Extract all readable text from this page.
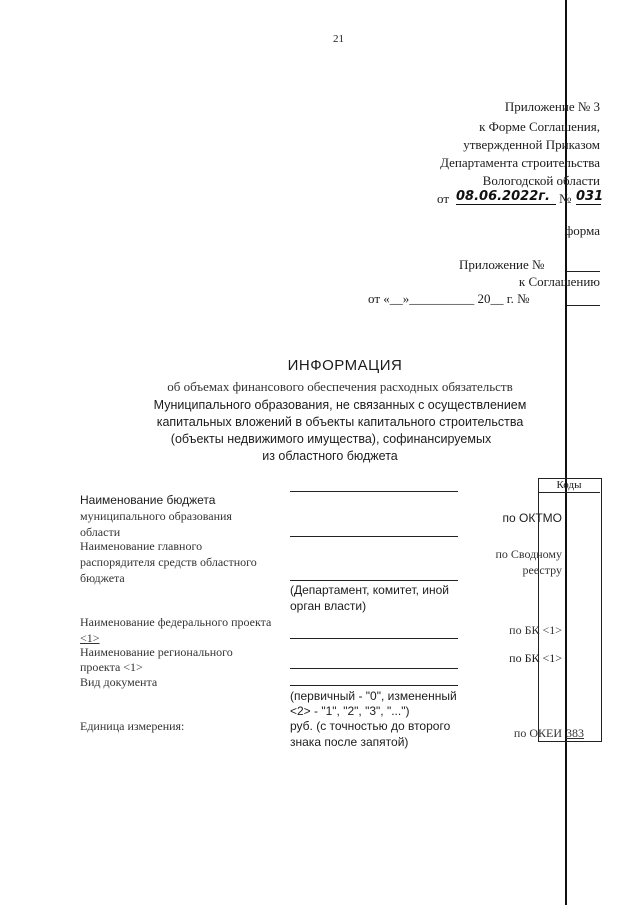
21
Приложение № 3
к Форме Соглашения,
утвержденной Приказом
Департамента строительства
Вологодской области
от 08.06.2022г. № 031
форма
Приложение №
к Соглашению
от «__»__________ 20__ г. №
ИНФОРМАЦИЯ
об объемах финансового обеспечения расходных обязательств
Муниципального образования, не связанных с осуществлением
капитальных вложений в объекты капитального строительства
(объекты недвижимого имущества), софинансируемых
из областного бюджета
Коды
Наименование бюджета
муниципального образования
области
Наименование главного
распорядителя средств областного
бюджета
(Департамент, комитет, иной
орган власти)
Наименование федерального проекта
<1>
Наименование регионального
проекта <1>
Вид документа
(первичный - "0", измененный
<2> - "1", "2", "3", "...")
Единица измерения:	руб. (с точностью до второго
знака после запятой)
по ОКТМО
по Сводному
реестру
по БК <1>
по БК <1>
по ОКЕИ 383
